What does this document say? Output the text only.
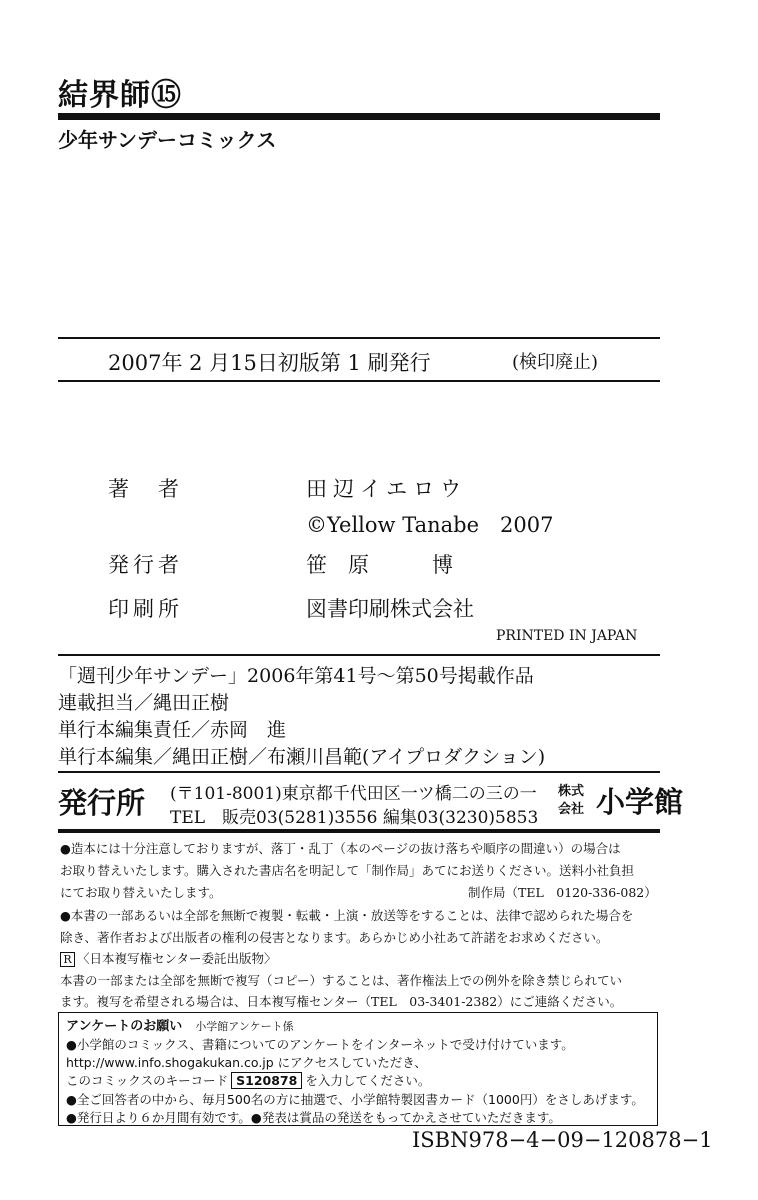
結界師⑮
少年サンデーコミックス
2007年 2 月15日初版第 1 刷発行	(検印廃止)
著　者	田辺イエロウ
©Yellow Tanabe　2007
発行者	笹　原　　　博
印刷所	図書印刷株式会社
PRINTED IN JAPAN
「週刊少年サンデー」2006年第41号〜第50号掲載作品
連載担当／縄田正樹
単行本編集責任／赤岡　進
単行本編集／縄田正樹／布瀬川昌範(アイプロダクション)
発行所 (〒101-8001)東京都千代田区一ツ橋二の三の一
TEL　販売03(5281)3556 編集03(3230)5853
株式
会社 小学館
●造本には十分注意しておりますが、落丁・乱丁（本のページの抜け落ちや順序の間違い）の場合は
お取り替えいたします。購入された書店名を明記して「制作局」あてにお送りください。送料小社負担
にてお取り替えいたします。	制作局（TEL　0120-336-082）
●本書の一部あるいは全部を無断で複製・転載・上演・放送等をすることは、法律で認められた場合を
除き、著作者および出版者の権利の侵害となります。あらかじめ小社あて許諾をお求めください。
R 〈日本複写権センター委託出版物〉
本書の一部または全部を無断で複写（コピー）することは、著作権法上での例外を除き禁じられてい
ます。複写を希望される場合は、日本複写権センター（TEL　03-3401-2382）にご連絡ください。
アンケートのお願い　 小学館アンケート係
●小学館のコミックス、書籍についてのアンケートをインターネットで受け付けています。
http://www.info.shogakukan.co.jp にアクセスしていただき、
このコミックスのキーコード S120878 を入力してください。
●全ご回答者の中から、毎月500名の方に抽選で、小学館特製図書カード（1000円）をさしあげます。
●発行日より６か月間有効です。●発表は賞品の発送をもってかえさせていただきます。
ISBN978−4−09−120878−1
